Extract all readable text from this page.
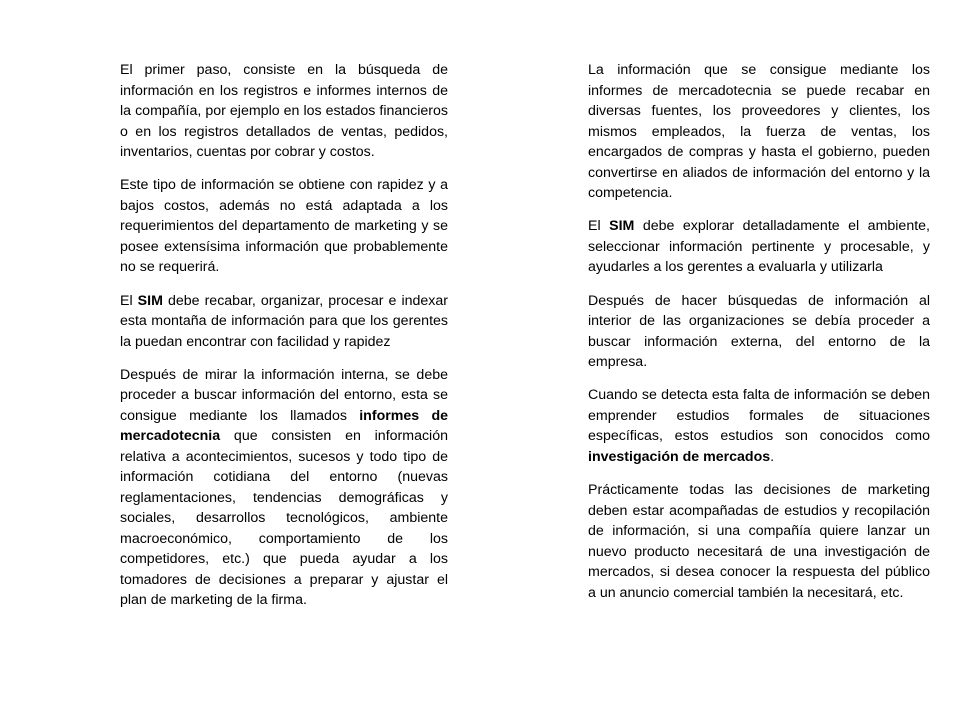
El primer paso, consiste en la búsqueda de información en los registros e informes internos de la compañía, por ejemplo en los estados financieros o en los registros detallados de ventas, pedidos, inventarios, cuentas por cobrar y costos.

Este tipo de información se obtiene con rapidez y a bajos costos, además no está adaptada a los requerimientos del departamento de marketing y se posee extensísima información que probablemente no se requerirá.

El SIM debe recabar, organizar, procesar e indexar esta montaña de información para que los gerentes la puedan encontrar con facilidad y rapidez

Después de mirar la información interna, se debe proceder a buscar información del entorno, esta se consigue mediante los llamados informes de mercadotecnia que consisten en información relativa a acontecimientos, sucesos y todo tipo de información cotidiana del entorno (nuevas reglamentaciones, tendencias demográficas y sociales, desarrollos tecnológicos, ambiente macroeconómico, comportamiento de los competidores, etc.) que pueda ayudar a los tomadores de decisiones a preparar y ajustar el plan de marketing de la firma.

La información que se consigue mediante los informes de mercadotecnia se puede recabar en diversas fuentes, los proveedores y clientes, los mismos empleados, la fuerza de ventas, los encargados de compras y hasta el gobierno, pueden convertirse en aliados de información del entorno y la competencia.

El SIM debe explorar detalladamente el ambiente, seleccionar información pertinente y procesable, y ayudarles a los gerentes a evaluarla y utilizarla

Después de hacer búsquedas de información al interior de las organizaciones se debía proceder a buscar información externa, del entorno de la empresa.

Cuando se detecta esta falta de información se deben emprender estudios formales de situaciones específicas, estos estudios son conocidos como investigación de mercados.

Prácticamente todas las decisiones de marketing deben estar acompañadas de estudios y recopilación de información, si una compañía quiere lanzar un nuevo producto necesitará de una investigación de mercados, si desea conocer la respuesta del público a un anuncio comercial también la necesitará, etc.
